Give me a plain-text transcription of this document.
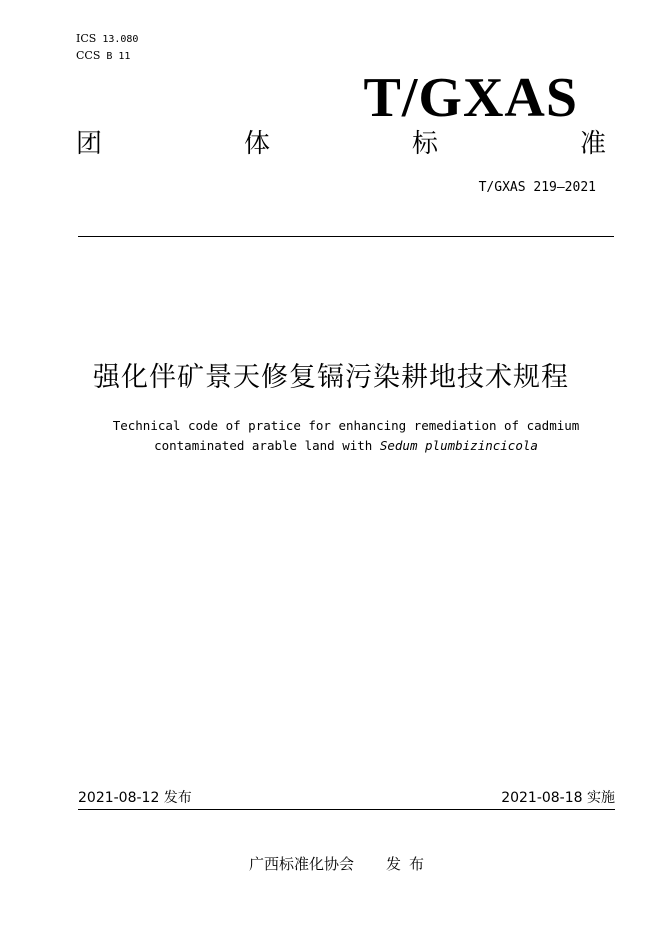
ICS 13.080
CCS B 11
T/GXAS
团	体	标	准
T/GXAS 219—2021
强化伴矿景天修复镉污染耕地技术规程
Technical code of pratice for enhancing remediation of cadmium
contaminated arable land with Sedum plumbizincicola
2021-08-12 发布	2021-08-18 实施
广西标准化协会 发布
